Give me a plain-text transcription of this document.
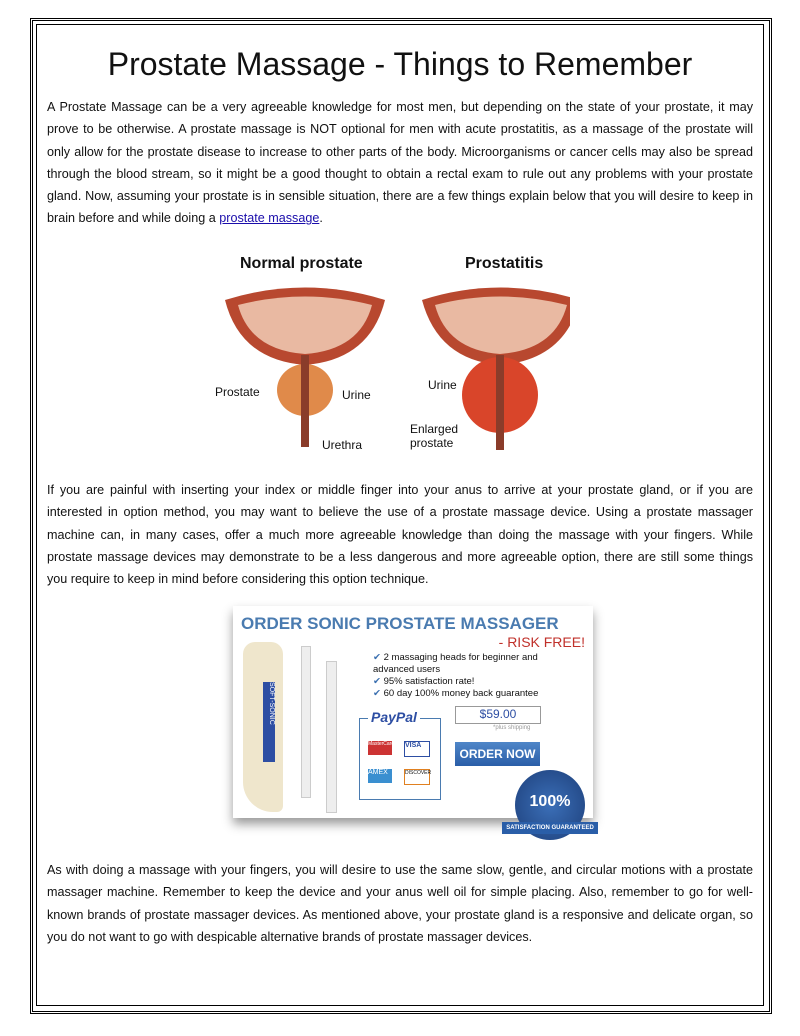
Prostate Massage - Things to Remember

A Prostate Massage can be a very agreeable knowledge for most men, but depending on the state of your prostate, it may prove to be otherwise. A prostate massage is NOT optional for men with acute prostatitis, as a massage of the prostate will only allow for the prostate disease to increase to other parts of the body. Microorganisms or cancer cells may also be spread through the blood stream, so it might be a good thought to obtain a rectal exam to rule out any problems with your prostate gland. Now, assuming your prostate is in sensible situation, there are a few things explain below that you will desire to keep in brain before and while doing a prostate massage.

Normal prostate	Prostatitis
Prostate	Urine
Urethra
Urine
Enlarged
prostate

If you are painful with inserting your index or middle finger into your anus to arrive at your prostate gland, or if you are interested in option method, you may want to believe the use of a prostate massage device. Using a prostate massager machine can, in many cases, offer a much more agreeable knowledge than doing the massage with your fingers. While prostate massage devices may demonstrate to be a less dangerous and more agreeable option, there are still some things you require to keep in mind before considering this option technique.

ORDER SONIC PROSTATE MASSAGER
- RISK FREE!
SOFT-SONIC
✔ 2 massaging heads for beginner and advanced users
✔ 95% satisfaction rate!
✔ 60 day 100% money back guarantee
PayPal
MasterCard VISA
AMEX	DISCOVER
$59.00
*plus shipping
ORDER NOW
100%
SATISFACTION GUARANTEED

As with doing a massage with your fingers, you will desire to use the same slow, gentle, and circular motions with a prostate massager machine. Remember to keep the device and your anus well oil for simple placing. Also, remember to go for well-known brands of prostate massager devices. As mentioned above, your prostate gland is a responsive and delicate organ, so you do not want to go with despicable alternative brands of prostate massager devices.
